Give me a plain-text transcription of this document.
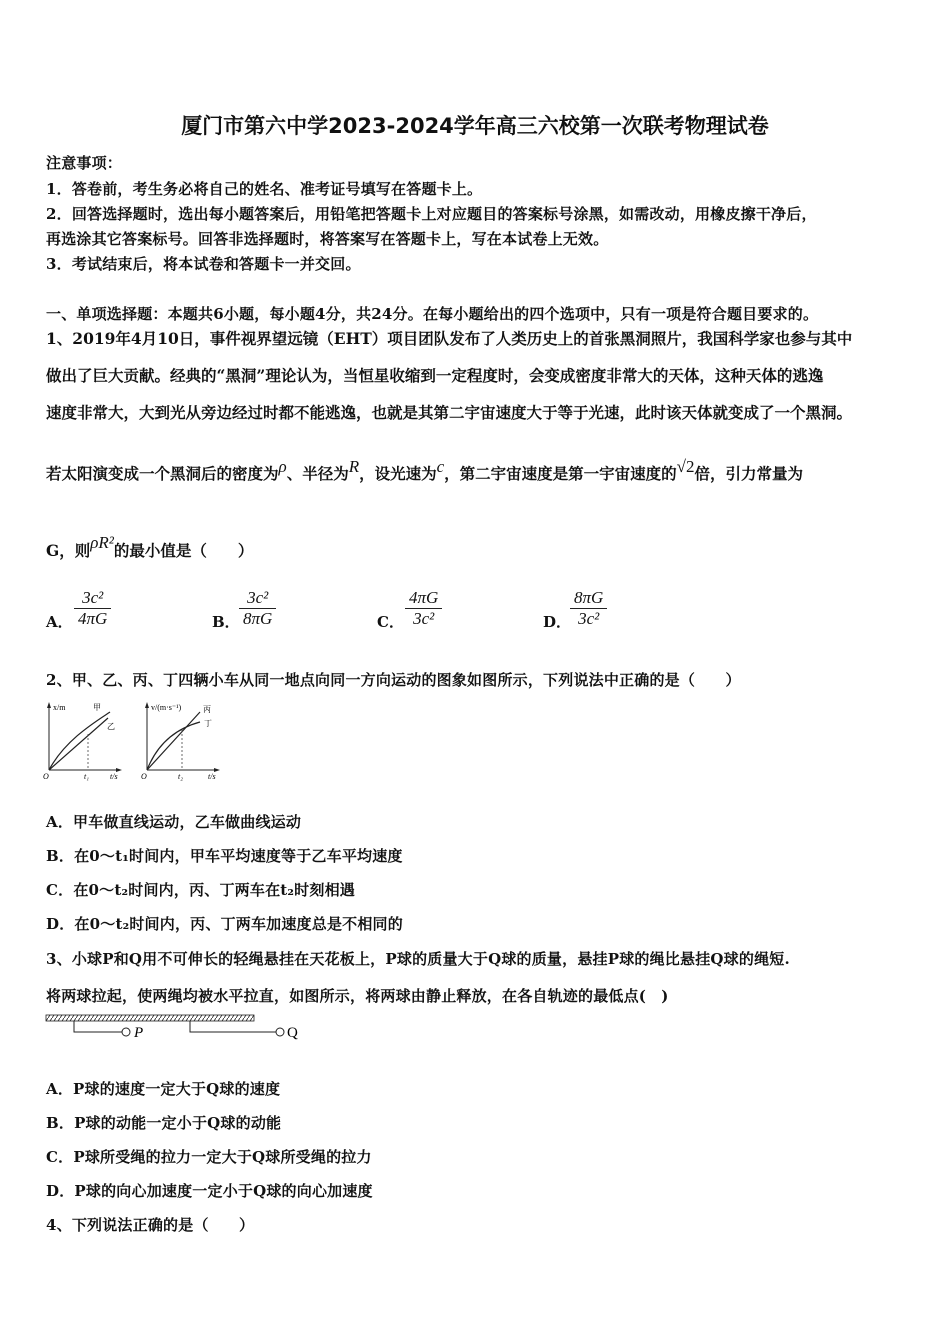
厦门市第六中学2023-2024学年高三六校第一次联考物理试卷
注意事项：
1．答卷前，考生务必将自己的姓名、准考证号填写在答题卡上。
2．回答选择题时，选出每小题答案后，用铅笔把答题卡上对应题目的答案标号涂黑，如需改动，用橡皮擦干净后，
再选涂其它答案标号。回答非选择题时，将答案写在答题卡上，写在本试卷上无效。
3．考试结束后，将本试卷和答题卡一并交回。
一、单项选择题：本题共6小题，每小题4分，共24分。在每小题给出的四个选项中，只有一项是符合题目要求的。
1、2019年4月10日，事件视界望远镜（EHT）项目团队发布了人类历史上的首张黑洞照片，我国科学家也参与其中
做出了巨大贡献。经典的“黑洞”理论认为，当恒星收缩到一定程度时，会变成密度非常大的天体，这种天体的逃逸
速度非常大，大到光从旁边经过时都不能逃逸，也就是其第二宇宙速度大于等于光速，此时该天体就变成了一个黑洞。
若太阳演变成一个黑洞后的密度为ρ、半径为R，设光速为c，第二宇宙速度是第一宇宙速度的√2倍，引力常量为
G，则ρR²的最小值是（　　）
A． $\frac{\text{3c²}}{4\pi G}$	B． $\frac{\text{3c²}}{8\pi G}$	C． $\frac{4\pi G}{\text{3c²}}$	D．
$\frac{8\pi G}{\text{3c²}}$
2、甲、乙、丙、丁四辆小车从同一地点向同一方向运动的图象如图所示，下列说法中正确的是（　　）
x/m
t/s
O	t₁
甲
乙
v/(m·s⁻¹)
t/s
O	t₂
丙
丁
A．甲车做直线运动，乙车做曲线运动
B．在0～t₁时间内，甲车平均速度等于乙车平均速度
C．在0～t₂时间内，丙、丁两车在t₂时刻相遇
D．在0～t₂时间内，丙、丁两车加速度总是不相同的
3、小球P和Q用不可伸长的轻绳悬挂在天花板上，P球的质量大于Q球的质量，悬挂P球的绳比悬挂Q球的绳短.
将两球拉起，使两绳均被水平拉直，如图所示，将两球由静止释放，在各自轨迹的最低点(　)
P	Q
A．P球的速度一定大于Q球的速度
B．P球的动能一定小于Q球的动能
C．P球所受绳的拉力一定大于Q球所受绳的拉力
D．P球的向心加速度一定小于Q球的向心加速度
4、下列说法正确的是（　　）
